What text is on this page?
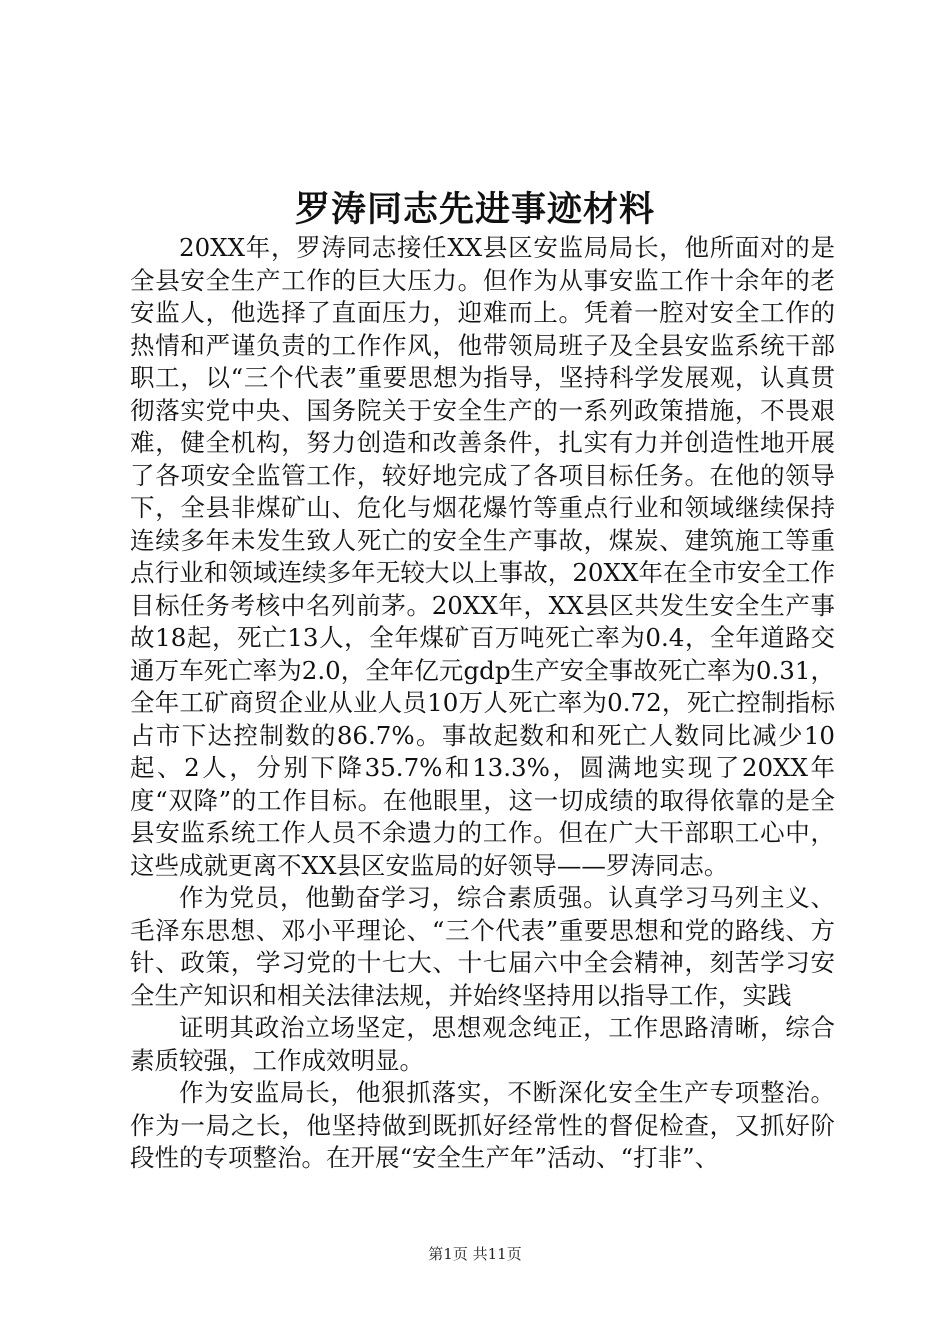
罗涛同志先进事迹材料

20XX年，罗涛同志接任XX县区安监局局长，他所面对的是全县安全生产工作的巨大压力。但作为从事安监工作十余年的老安监人，他选择了直面压力，迎难而上。凭着一腔对安全工作的热情和严谨负责的工作作风，他带领局班子及全县安监系统干部职工，以“三个代表”重要思想为指导，坚持科学发展观，认真贯彻落实党中央、国务院关于安全生产的一系列政策措施，不畏艰难，健全机构，努力创造和改善条件，扎实有力并创造性地开展了各项安全监管工作，较好地完成了各项目标任务。在他的领导下，全县非煤矿山、危化与烟花爆竹等重点行业和领域继续保持连续多年未发生致人死亡的安全生产事故，煤炭、建筑施工等重点行业和领域连续多年无较大以上事故，20XX年在全市安全工作目标任务考核中名列前茅。20XX年，XX县区共发生安全生产事故18起，死亡13人，全年煤矿百万吨死亡率为0.4，全年道路交通万车死亡率为2.0，全年亿元gdp生产安全事故死亡率为0.31，全年工矿商贸企业从业人员10万人死亡率为0.72，死亡控制指标占市下达控制数的86.7%。事故起数和和死亡人数同比减少10起、2人，分别下降35.7%和13.3%，圆满地实现了20XX年度“双降”的工作目标。在他眼里，这一切成绩的取得依靠的是全县安监系统工作人员不余遗力的工作。但在广大干部职工心中，这些成就更离不XX县区安监局的好领导——罗涛同志。

作为党员，他勤奋学习，综合素质强。认真学习马列主义、毛泽东思想、邓小平理论、“三个代表”重要思想和党的路线、方针、政策，学习党的十七大、十七届六中全会精神，刻苦学习安全生产知识和相关法律法规，并始终坚持用以指导工作，实践

证明其政治立场坚定，思想观念纯正，工作思路清晰，综合素质较强，工作成效明显。

作为安监局长，他狠抓落实，不断深化安全生产专项整治。作为一局之长，他坚持做到既抓好经常性的督促检查，又抓好阶段性的专项整治。在开展“安全生产年”活动、“打非”、

第1页 共11页
